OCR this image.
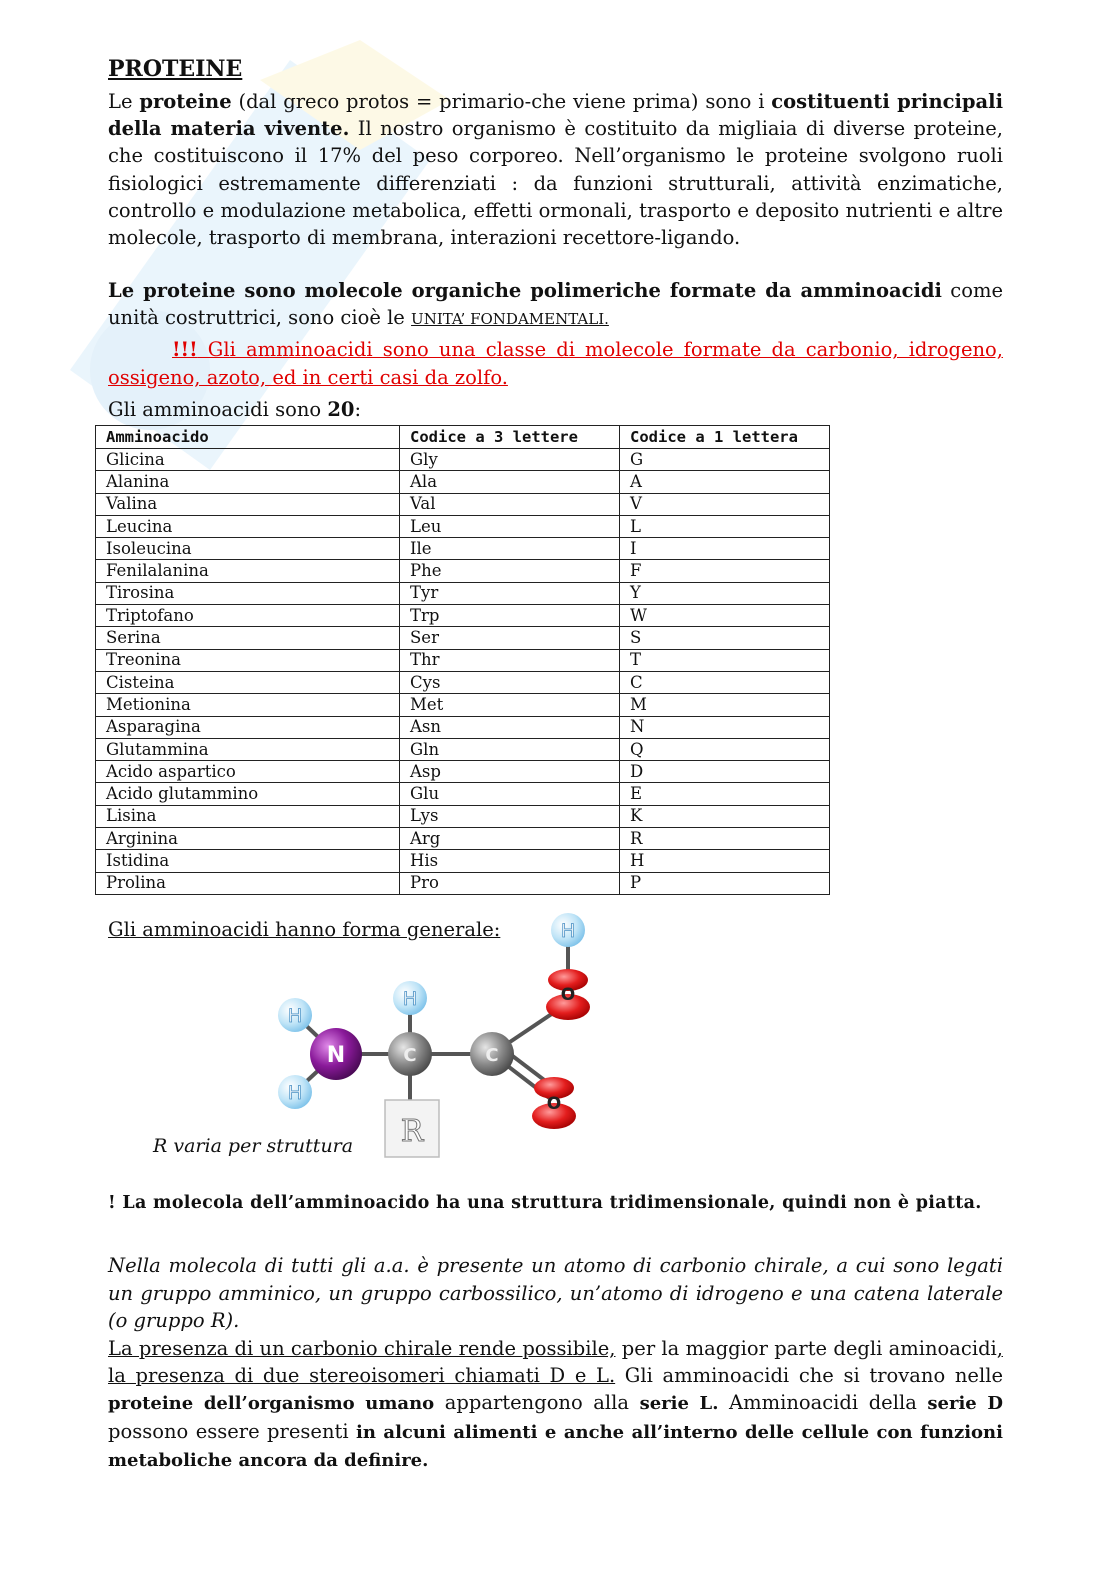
PROTEINE

Le proteine (dal greco protos = primario-che viene prima) sono i costituenti principali della materia vivente. Il nostro organismo è costituito da migliaia di diverse proteine, che costituiscono il 17% del peso corporeo. Nell’organismo le proteine svolgono ruoli fisiologici estremamente differenziati : da funzioni strutturali, attività enzimatiche, controllo e modulazione metabolica, effetti ormonali, trasporto e deposito nutrienti e altre molecole, trasporto di membrana, interazioni recettore-ligando.

Le proteine sono molecole organiche polimeriche formate da amminoacidi come unità costruttrici, sono cioè le UNITA’ FONDAMENTALI.

!!! Gli amminoacidi sono una classe di molecole formate da carbonio, idrogeno, ossigeno, azoto, ed in certi casi da zolfo.

Gli amminoacidi sono 20:

Amminoacido	Codice a 3 lettere	Codice a 1 lettera
Glicina	Gly	G
Alanina	Ala	A
Valina	Val	V
Leucina	Leu	L
Isoleucina	Ile	I
Fenilalanina	Phe	F
Tirosina	Tyr	Y
Triptofano	Trp	W
Serina	Ser	S
Treonina	Thr	T
Cisteina	Cys	C
Metionina	Met	M
Asparagina	Asn	N
Glutammina	Gln	Q
Acido aspartico	Asp	D
Acido glutammino	Glu	E
Lisina	Lys	K
Arginina	Arg	R
Istidina	His	H
Prolina	Pro	P

Gli amminoacidi hanno forma generale:

H
H
N
H
C	C
H
O
O
R

R varia per struttura

! La molecola dell’amminoacido ha una struttura tridimensionale, quindi non è piatta.

Nella molecola di tutti gli a.a. è presente un atomo di carbonio chirale, a cui sono legati un gruppo amminico, un gruppo carbossilico, un’atomo di idrogeno e una catena laterale (o gruppo R).

La presenza di un carbonio chirale rende possibile, per la maggior parte degli aminoacidi, la presenza di due stereoisomeri chiamati D e L. Gli amminoacidi che si trovano nelle proteine dell’organismo umano appartengono alla serie L. Amminoacidi della serie D possono essere presenti in alcuni alimenti e anche all’interno delle cellule con funzioni metaboliche ancora da definire.
